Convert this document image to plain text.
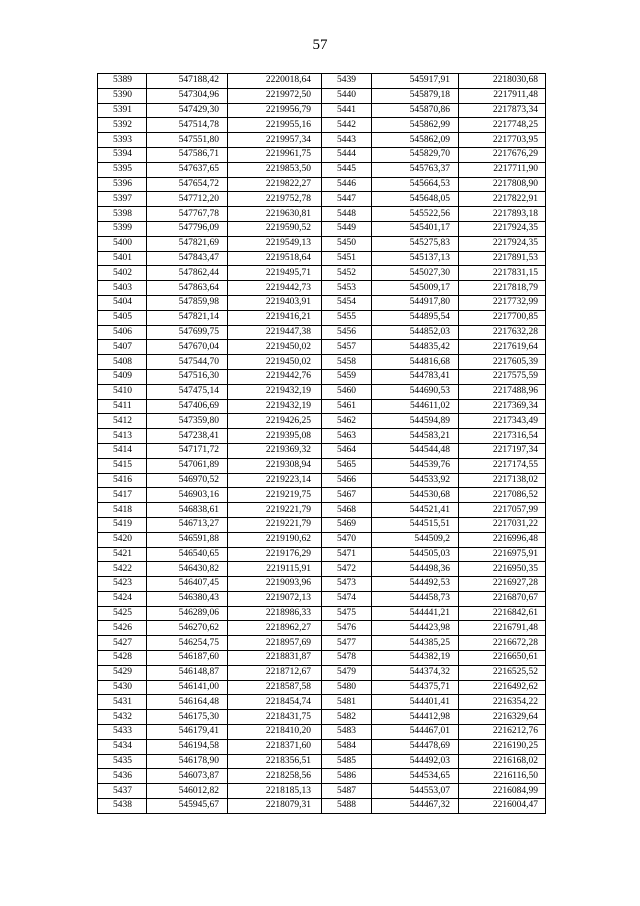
57
5389	547188,42	2220018,64	5439	545917,91	2218030,68
5390	547304,96	2219972,50	5440	545879,18	2217911,48
5391	547429,30	2219956,79	5441	545870,86	2217873,34
5392	547514,78	2219955,16	5442	545862,99	2217748,25
5393	547551,80	2219957,34	5443	545862,09	2217703,95
5394	547586,71	2219961,75	5444	545829,70	2217676,29
5395	547637,65	2219853,50	5445	545763,37	2217711,90
5396	547654,72	2219822,27	5446	545664,53	2217808,90
5397	547712,20	2219752,78	5447	545648,05	2217822,91
5398	547767,78	2219630,81	5448	545522,56	2217893,18
5399	547796,09	2219590,52	5449	545401,17	2217924,35
5400	547821,69	2219549,13	5450	545275,83	2217924,35
5401	547843,47	2219518,64	5451	545137,13	2217891,53
5402	547862,44	2219495,71	5452	545027,30	2217831,15
5403	547863,64	2219442,73	5453	545009,17	2217818,79
5404	547859,98	2219403,91	5454	544917,80	2217732,99
5405	547821,14	2219416,21	5455	544895,54	2217700,85
5406	547699,75	2219447,38	5456	544852,03	2217632,28
5407	547670,04	2219450,02	5457	544835,42	2217619,64
5408	547544,70	2219450,02	5458	544816,68	2217605,39
5409	547516,30	2219442,76	5459	544783,41	2217575,59
5410	547475,14	2219432,19	5460	544690,53	2217488,96
5411	547406,69	2219432,19	5461	544611,02	2217369,34
5412	547359,80	2219426,25	5462	544594,89	2217343,49
5413	547238,41	2219395,08	5463	544583,21	2217316,54
5414	547171,72	2219369,32	5464	544544,48	2217197,34
5415	547061,89	2219308,94	5465	544539,76	2217174,55
5416	546970,52	2219223,14	5466	544533,92	2217138,02
5417	546903,16	2219219,75	5467	544530,68	2217086,52
5418	546838,61	2219221,79	5468	544521,41	2217057,99
5419	546713,27	2219221,79	5469	544515,51	2217031,22
5420	546591,88	2219190,62	5470	544509,2	2216996,48
5421	546540,65	2219176,29	5471	544505,03	2216975,91
5422	546430,82	2219115,91	5472	544498,36	2216950,35
5423	546407,45	2219093,96	5473	544492,53	2216927,28
5424	546380,43	2219072,13	5474	544458,73	2216870,67
5425	546289,06	2218986,33	5475	544441,21	2216842,61
5426	546270,62	2218962,27	5476	544423,98	2216791,48
5427	546254,75	2218957,69	5477	544385,25	2216672,28
5428	546187,60	2218831,87	5478	544382,19	2216650,61
5429	546148,87	2218712,67	5479	544374,32	2216525,52
5430	546141,00	2218587,58	5480	544375,71	2216492,62
5431	546164,48	2218454,74	5481	544401,41	2216354,22
5432	546175,30	2218431,75	5482	544412,98	2216329,64
5433	546179,41	2218410,20	5483	544467,01	2216212,76
5434	546194,58	2218371,60	5484	544478,69	2216190,25
5435	546178,90	2218356,51	5485	544492,03	2216168,02
5436	546073,87	2218258,56	5486	544534,65	2216116,50
5437	546012,82	2218185,13	5487	544553,07	2216084,99
5438	545945,67	2218079,31	5488	544467,32	2216004,47
